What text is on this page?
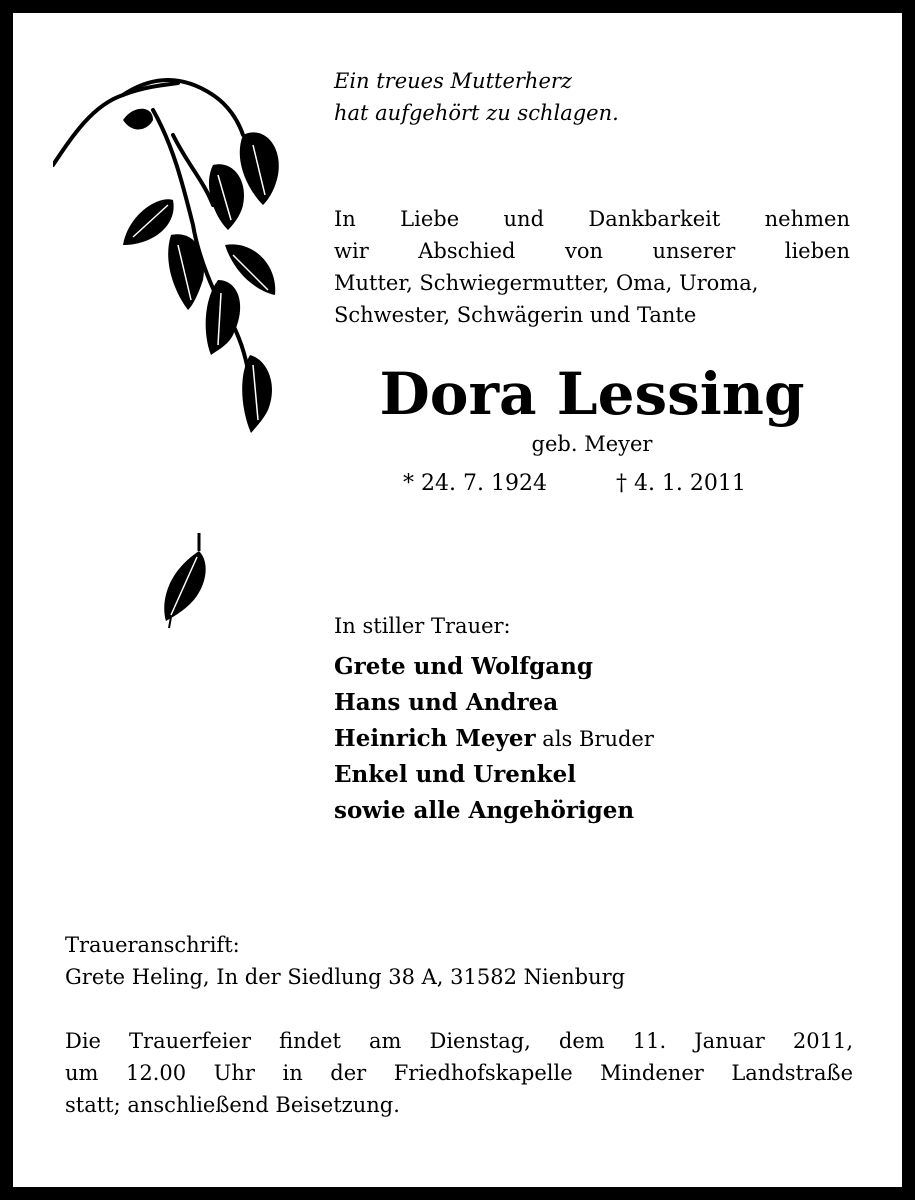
Ein treues Mutterherz
hat aufgehört zu schlagen.
In Liebe und Dankbarkeit nehmen
wir Abschied von unserer lieben
Mutter, Schwiegermutter, Oma, Uroma,
Schwester, Schwägerin und Tante
Dora Lessing
geb. Meyer
* 24. 7. 1924	† 4. 1. 2011
In stiller Trauer:
Grete und Wolfgang
Hans und Andrea
Heinrich Meyer als Bruder
Enkel und Urenkel
sowie alle Angehörigen
Traueranschrift:
Grete Heling, In der Siedlung 38 A, 31582 Nienburg
Die Trauerfeier findet am Dienstag, dem 11. Januar 2011,
um 12.00 Uhr in der Friedhofskapelle Mindener Landstraße
statt; anschließend Beisetzung.
